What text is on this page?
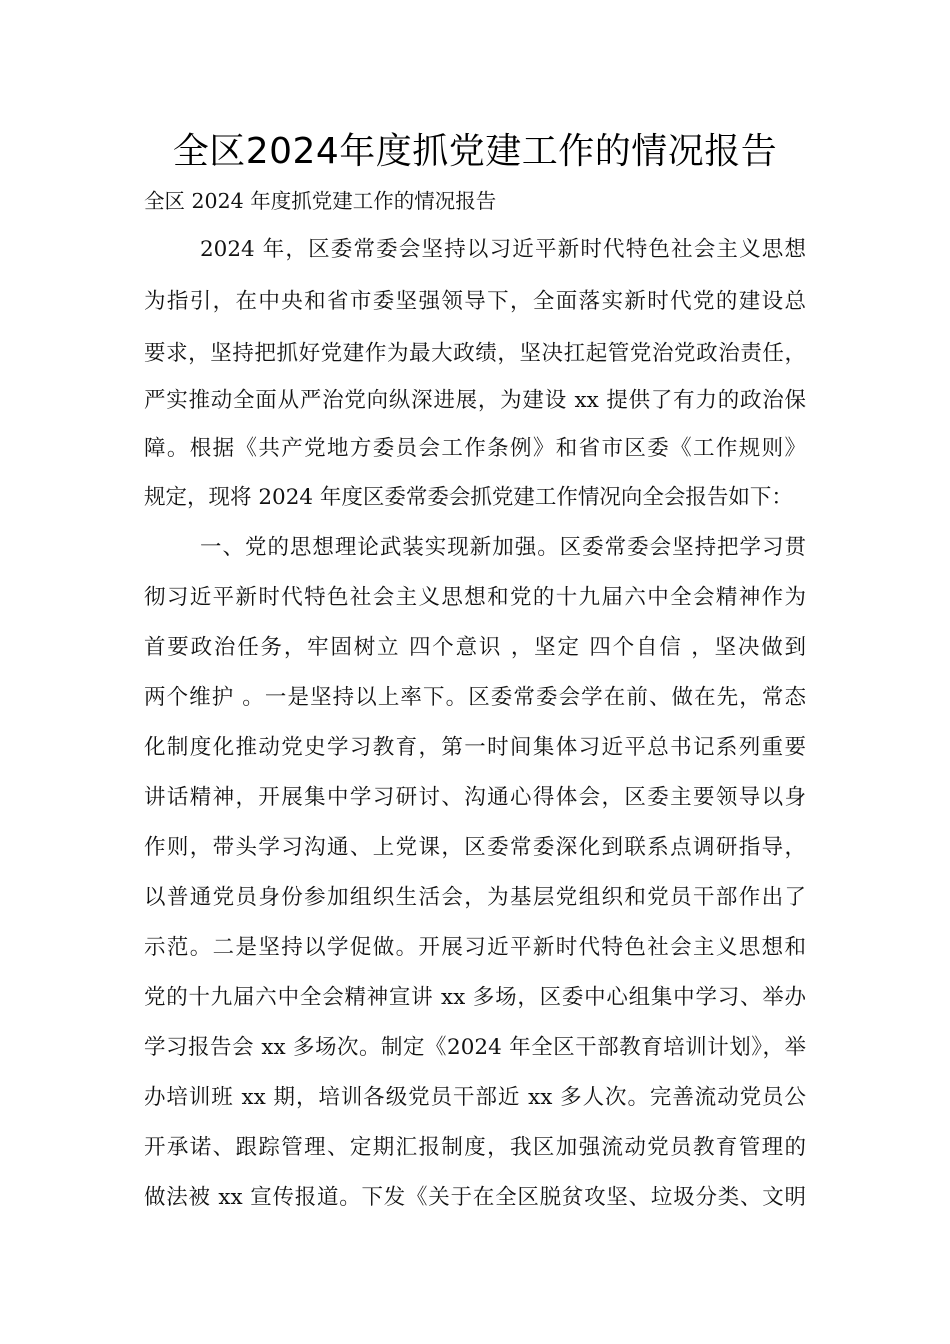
全区2024年度抓党建工作的情况报告
全区 2024 年度抓党建工作的情况报告
2024 年，区委常委会坚持以习近平新时代特色社会主义思想
为指引，在中央和省市委坚强领导下，全面落实新时代党的建设总
要求，坚持把抓好党建作为最大政绩，坚决扛起管党治党政治责任，
严实推动全面从严治党向纵深进展，为建设 xx 提供了有力的政治保
障。根据《共产党地方委员会工作条例》和省市区委《工作规则》
规定，现将 2024 年度区委常委会抓党建工作情况向全会报告如下：
一、党的思想理论武装实现新加强。区委常委会坚持把学习贯
彻习近平新时代特色社会主义思想和党的十九届六中全会精神作为
首要政治任务，牢固树立 四个意识 ，坚定 四个自信 ，坚决做到
两个维护 。一是坚持以上率下。区委常委会学在前、做在先，常态
化制度化推动党史学习教育，第一时间集体习近平总书记系列重要
讲话精神，开展集中学习研讨、沟通心得体会，区委主要领导以身
作则，带头学习沟通、上党课，区委常委深化到联系点调研指导，
以普通党员身份参加组织生活会，为基层党组织和党员干部作出了
示范。二是坚持以学促做。开展习近平新时代特色社会主义思想和
党的十九届六中全会精神宣讲 xx 多场，区委中心组集中学习、举办
学习报告会 xx 多场次。制定《2024 年全区干部教育培训计划》，举
办培训班 xx 期，培训各级党员干部近 xx 多人次。完善流动党员公
开承诺、跟踪管理、定期汇报制度，我区加强流动党员教育管理的
做法被 xx 宣传报道。下发《关于在全区脱贫攻坚、垃圾分类、文明
